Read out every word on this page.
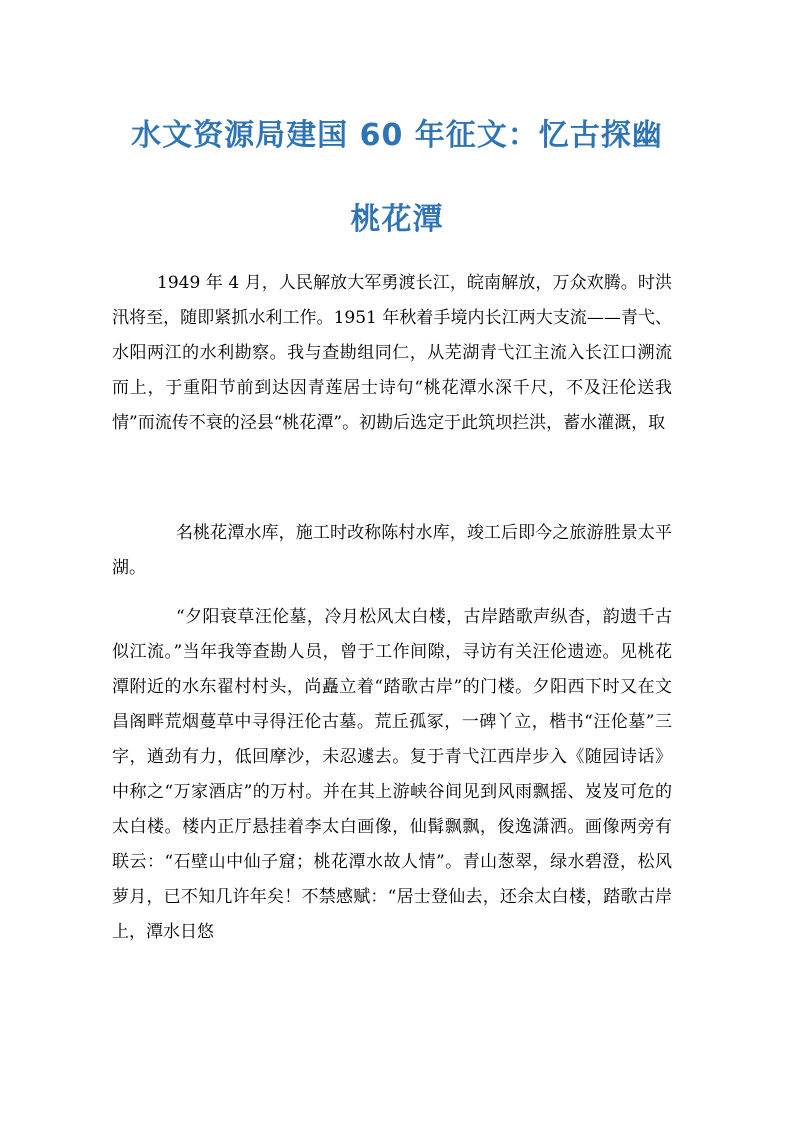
水文资源局建国 60 年征文：忆古探幽
桃花潭

1949 年 4 月，人民解放大军勇渡长江，皖南解放，万众欢腾。时洪汛将至，随即紧抓水利工作。1951 年秋着手境内长江两大支流——青弋、水阳两江的水利勘察。我与查勘组同仁，从芜湖青弋江主流入长江口溯流而上，于重阳节前到达因青莲居士诗句“桃花潭水深千尺，不及汪伦送我情”而流传不衰的泾县“桃花潭”。初勘后选定于此筑坝拦洪，蓄水灌溉，取

名桃花潭水库，施工时改称陈村水库，竣工后即今之旅游胜景太平湖。

“夕阳衰草汪伦墓，冷月松风太白楼，古岸踏歌声纵杳，韵遗千古似江流。”当年我等查勘人员，曾于工作间隙，寻访有关汪伦遗迹。见桃花潭附近的水东翟村村头，尚矗立着“踏歌古岸”的门楼。夕阳西下时又在文昌阁畔荒烟蔓草中寻得汪伦古墓。荒丘孤冢，一碑丫立，楷书“汪伦墓”三字，遒劲有力，低回摩沙，未忍遽去。复于青弋江西岸步入《随园诗话》中称之“万家酒店”的万村。并在其上游峡谷间见到风雨飘摇、岌岌可危的太白楼。楼内正厅悬挂着李太白画像，仙髯飘飘，俊逸潇洒。画像两旁有联云：“石壁山中仙子窟；桃花潭水故人情”。青山葱翠，绿水碧澄，松风萝月，已不知几许年矣！不禁感赋：“居士登仙去，还余太白楼，踏歌古岸上，潭水日悠
